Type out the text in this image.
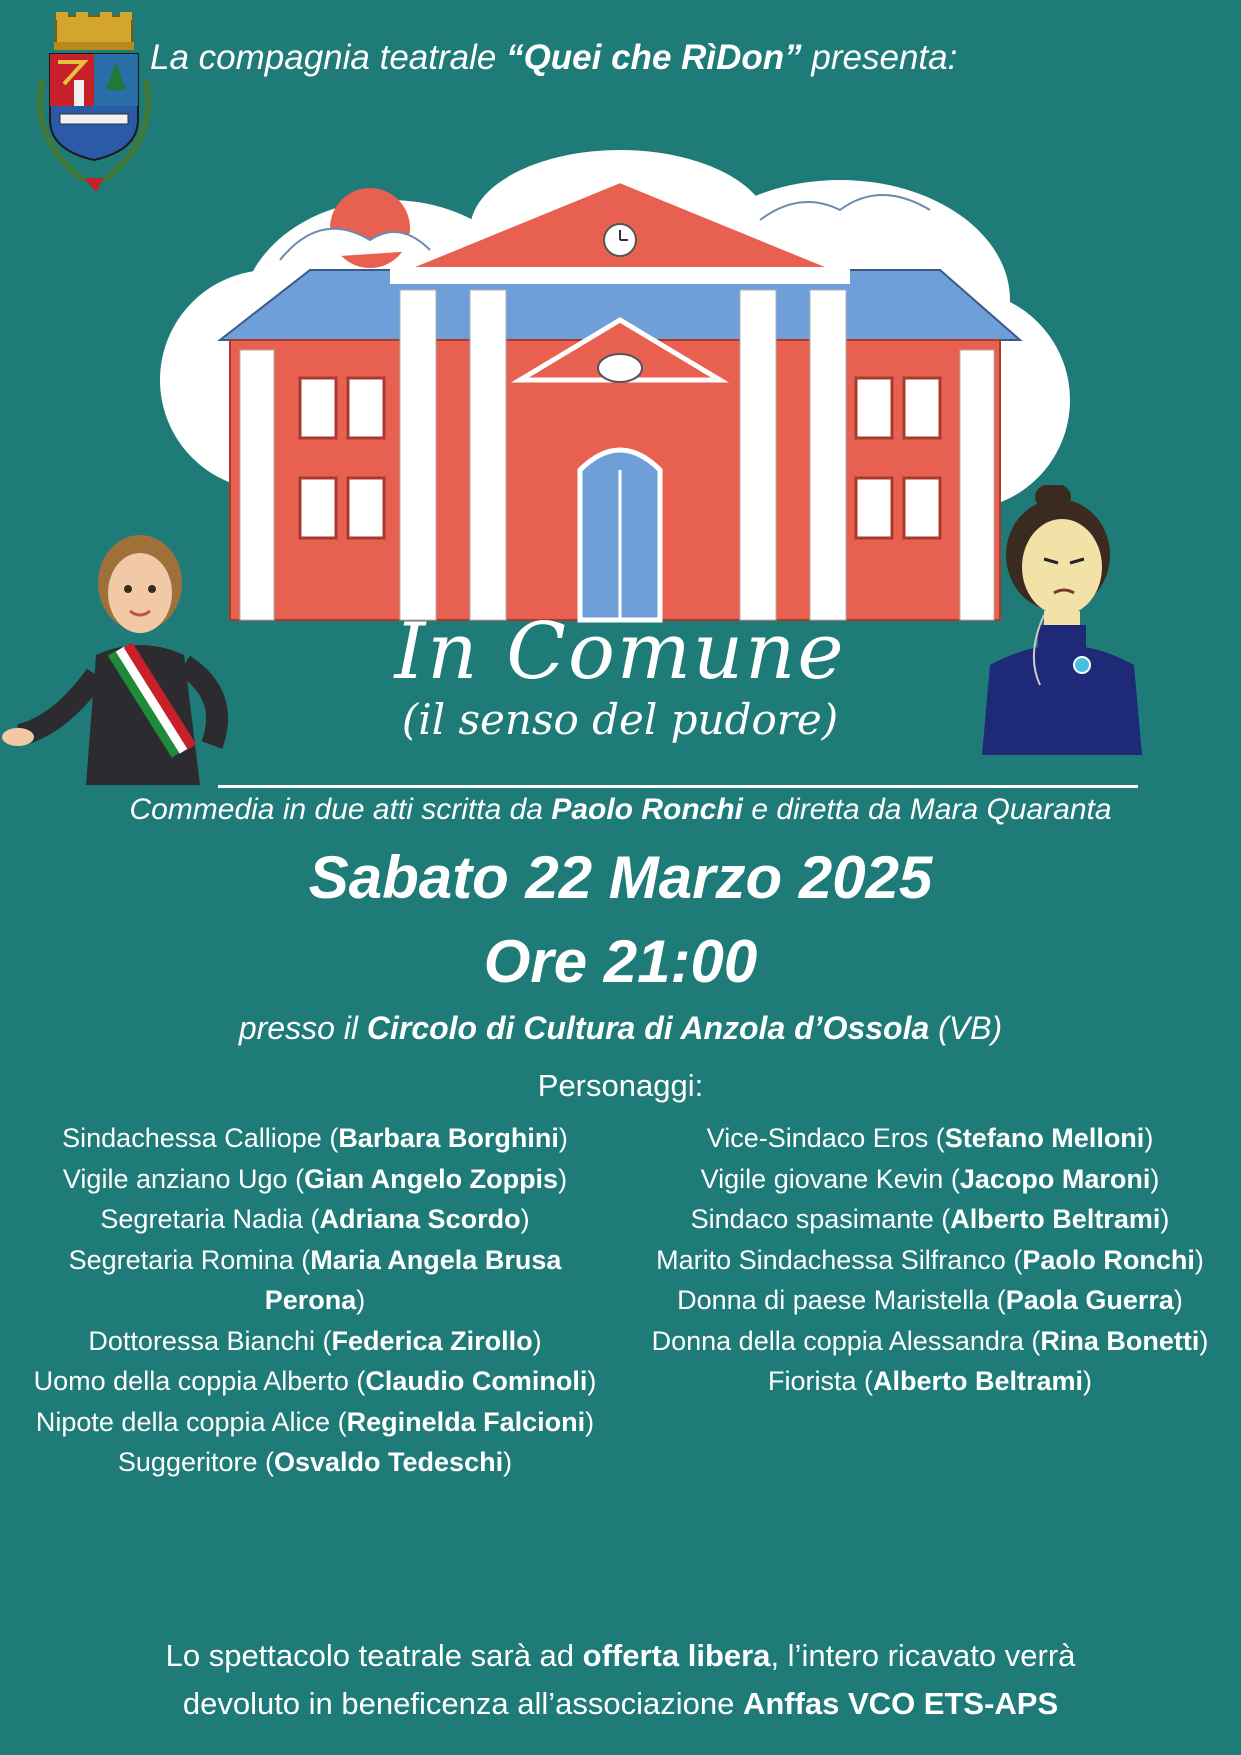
La compagnia teatrale “Quei che RìDon” presenta:
In Comune
(il senso del pudore)
Commedia in due atti scritta da Paolo Ronchi e diretta da Mara Quaranta
Sabato 22 Marzo 2025
Ore 21:00
presso il Circolo di Cultura di Anzola d’Ossola (VB)
Personaggi:
Sindachessa Calliope (Barbara Borghini)
Vigile anziano Ugo (Gian Angelo Zoppis)
Segretaria Nadia (Adriana Scordo)
Segretaria Romina (Maria Angela Brusa Perona)
Dottoressa Bianchi (Federica Zirollo)
Uomo della coppia Alberto (Claudio Cominoli)
Nipote della coppia Alice (Reginelda Falcioni)
Suggeritore (Osvaldo Tedeschi)
Vice-Sindaco Eros (Stefano Melloni)
Vigile giovane Kevin (Jacopo Maroni)
Sindaco spasimante (Alberto Beltrami)
Marito Sindachessa Silfranco (Paolo Ronchi)
Donna di paese Maristella (Paola Guerra)
Donna della coppia Alessandra (Rina Bonetti)
Fiorista (Alberto Beltrami)
Lo spettacolo teatrale sarà ad offerta libera, l’intero ricavato verrà
devoluto in beneficenza all’associazione Anffas VCO ETS-APS
